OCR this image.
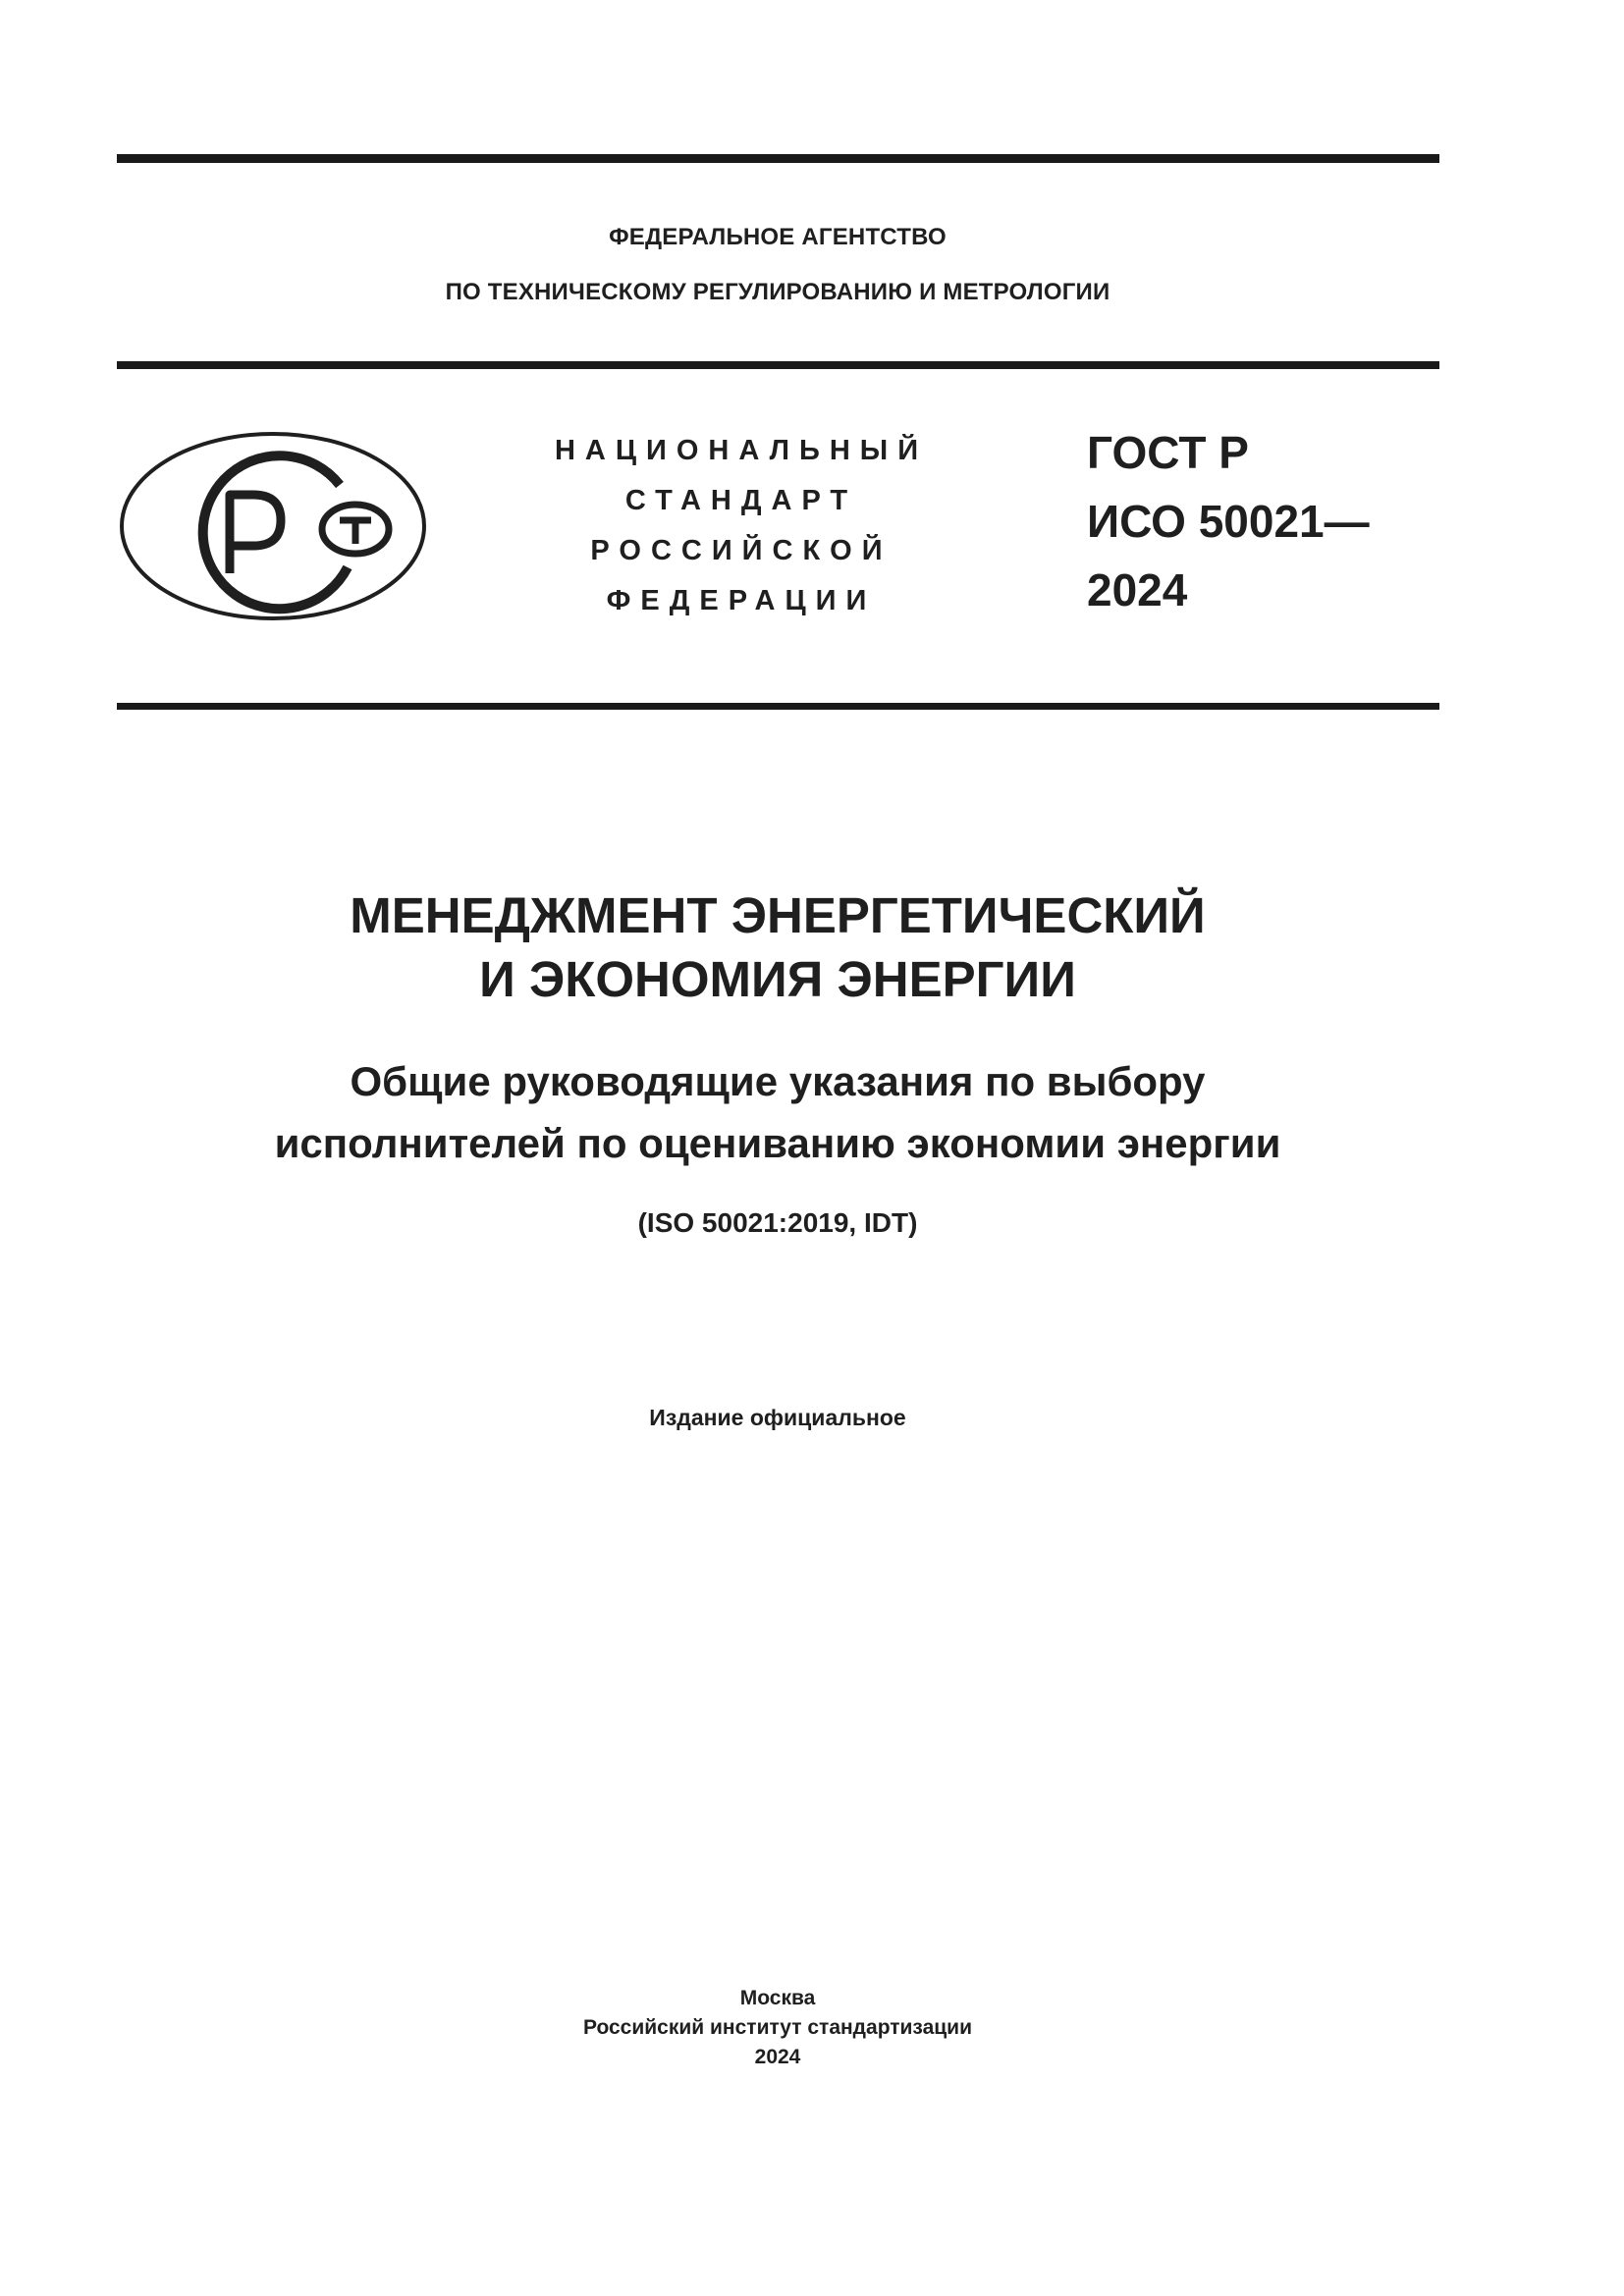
ФЕДЕРАЛЬНОЕ АГЕНТСТВО
ПО ТЕХНИЧЕСКОМУ РЕГУЛИРОВАНИЮ И МЕТРОЛОГИИ
НАЦИОНАЛЬНЫЙ
СТАНДАРТ
РОССИЙСКОЙ
ФЕДЕРАЦИИ
ГОСТ Р
ИСО 50021—
2024
МЕНЕДЖМЕНТ ЭНЕРГЕТИЧЕСКИЙ
И ЭКОНОМИЯ ЭНЕРГИИ
Общие руководящие указания по выбору
исполнителей по оцениванию экономии энергии
(ISO 50021:2019, IDT)
Издание официальное
Москва
Российский институт стандартизации
2024
